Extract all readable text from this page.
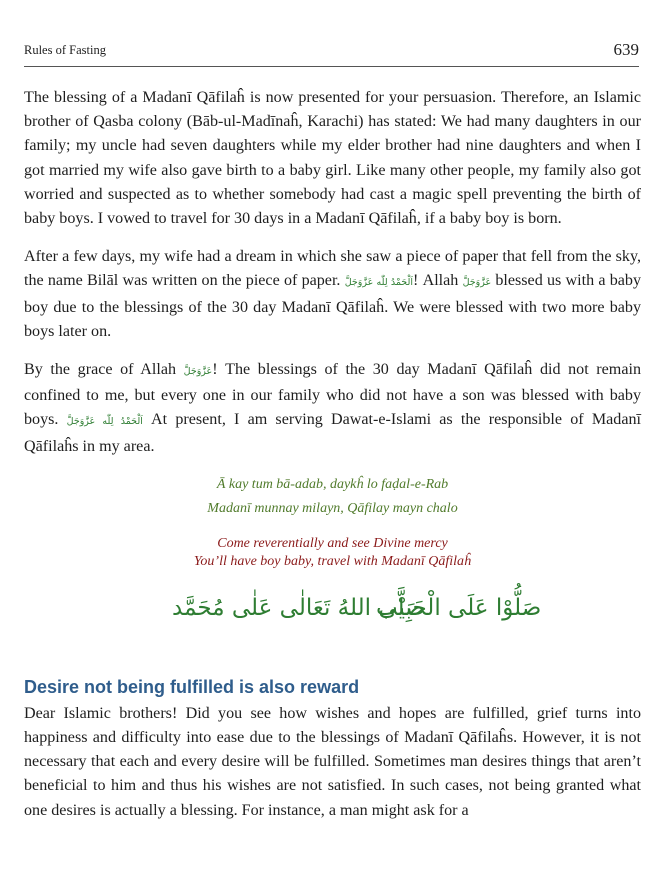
Rules of Fasting	639

The blessing of a Madanī Qāfilaĥ is now presented for your persuasion. Therefore, an Islamic brother of Qasba colony (Bāb-ul-Madīnaĥ, Karachi) has stated: We had many daughters in our family; my uncle had seven daughters while my elder brother had nine daughters and when I got married my wife also gave birth to a baby girl. Like many other people, my family also got worried and suspected as to whether somebody had cast a magic spell preventing the birth of baby boys. I vowed to travel for 30 days in a Madanī Qāfilaĥ, if a baby boy is born.

After a few days, my wife had a dream in which she saw a piece of paper that fell from the sky, the name Bilāl was written on the piece of paper. اَلْحَمْدُ لِلّٰه عَزَّوَجَلَّ! Allah عَزَّوَجَلَّ blessed us with a baby boy due to the blessings of the 30 day Madanī Qāfilaĥ. We were blessed with two more baby boys later on.

By the grace of Allah عَزَّوَجَلَّ! The blessings of the 30 day Madanī Qāfilaĥ did not remain confined to me, but every one in our family who did not have a son was blessed with baby boys. اَلْحَمْدُ لِلّٰه عَزَّوَجَلَّ At present, I am serving Dawat-e-Islami as the responsible of Madanī Qāfilaĥs in my area.

Ā kay tum bā-adab, daykĥ lo faḍal-e-Rab
Madanī munnay milayn, Qāfilay mayn chalo
Come reverentially and see Divine mercy
You’ll have boy baby, travel with Madanī Qāfilaĥ
صَلَّى اللهُ تَعَالٰى عَلٰى مُحَمَّد
صَلُّوْا عَلَى الْحَبِيْب
Desire not being fulfilled is also reward

Dear Islamic brothers! Did you see how wishes and hopes are fulfilled, grief turns into happiness and difficulty into ease due to the blessings of Madanī Qāfilaĥs. However, it is not necessary that each and every desire will be fulfilled. Sometimes man desires things that aren’t beneficial to him and thus his wishes are not satisfied. In such cases, not being granted what one desires is actually a blessing. For instance, a man might ask for a
